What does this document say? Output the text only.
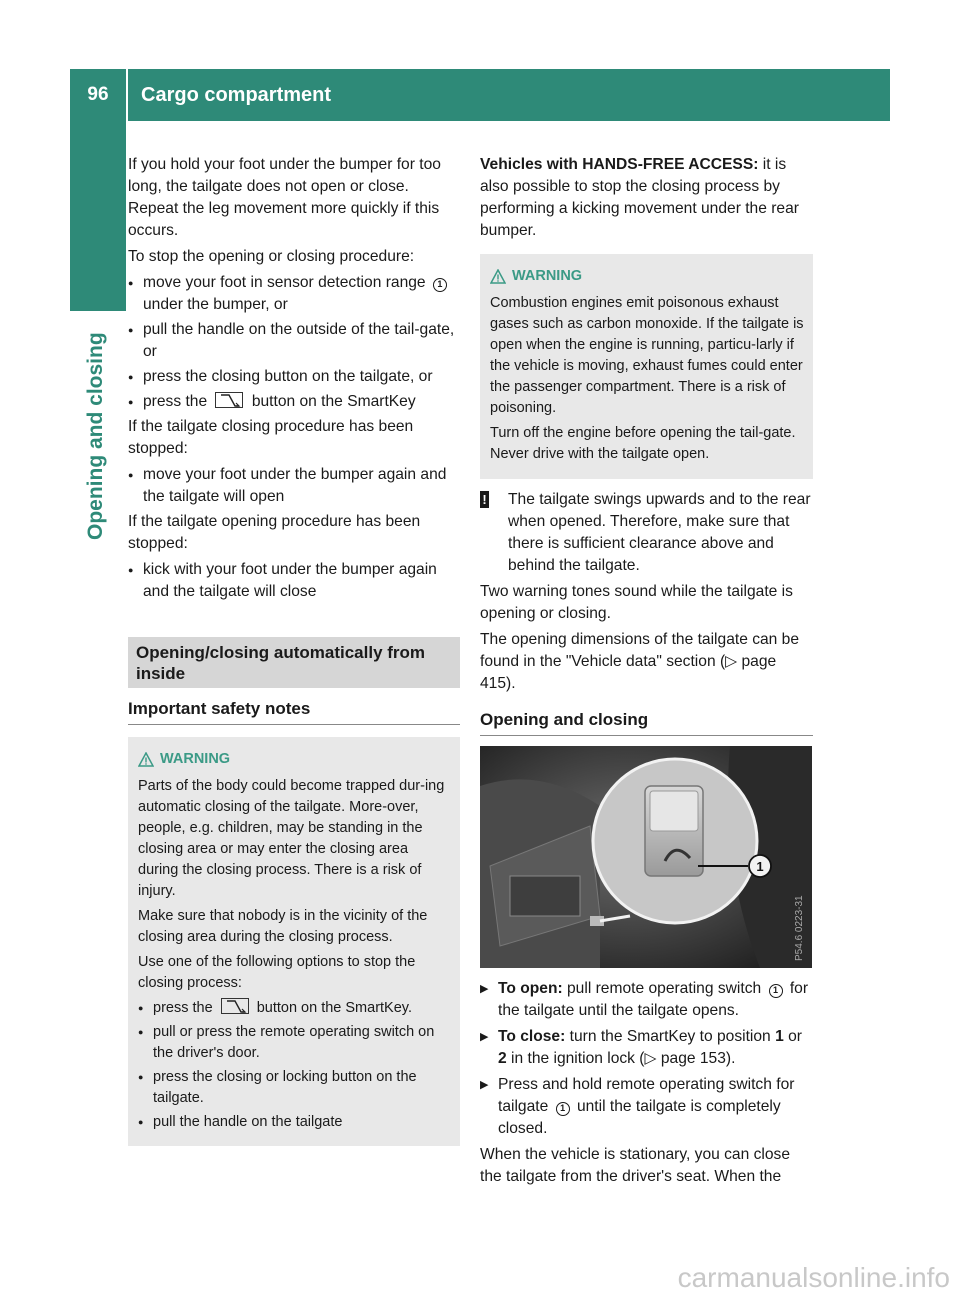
96	Cargo compartment
Opening and closing

If you hold your foot under the bumper for too long, the tailgate does not open or close. Repeat the leg movement more quickly if this occurs.

To stop the opening or closing procedure:

● move your foot in sensor detection range 1 under the bumper, or
● pull the handle on the outside of the tail-gate, or
● press the closing button on the tailgate, or
● press the
button on the SmartKey

If the tailgate closing procedure has been stopped:

● move your foot under the bumper again and the tailgate will open

If the tailgate opening procedure has been stopped:

● kick with your foot under the bumper again and the tailgate will close
Opening/closing automatically from inside
Important safety notes
WARNING

Parts of the body could become trapped dur-ing automatic closing of the tailgate. More-over, people, e.g. children, may be standing in the closing area or may enter the closing area during the closing process. There is a risk of injury.

Make sure that nobody is in the vicinity of the closing area during the closing process.

Use one of the following options to stop the closing process:

● press the
button on the SmartKey.
● pull or press the remote operating switch on the driver's door.
● press the closing or locking button on the tailgate.
● pull the handle on the tailgate

Vehicles with HANDS-FREE ACCESS: it is also possible to stop the closing process by performing a kicking movement under the rear bumper.

WARNING

Combustion engines emit poisonous exhaust gases such as carbon monoxide. If the tailgate is open when the engine is running, particu-larly if the vehicle is moving, exhaust fumes could enter the passenger compartment. There is a risk of poisoning.

Turn off the engine before opening the tail-gate. Never drive with the tailgate open.

! The tailgate swings upwards and to the rear when opened. Therefore, make sure that there is sufficient clearance above and behind the tailgate.

Two warning tones sound while the tailgate is opening or closing.

The opening dimensions of the tailgate can be found in the "Vehicle data" section (▷ page 415).

Opening and closing
1
P54.6 0223-31
▶ To open: pull remote operating switch 1 for the tailgate until the tailgate opens.
▶ To close: turn the SmartKey to position 1 or 2 in the ignition lock (▷ page 153).
▶ Press and hold remote operating switch for tailgate 1 until the tailgate is completely closed.

When the vehicle is stationary, you can close the tailgate from the driver's seat. When the

carmanualsonline.info
